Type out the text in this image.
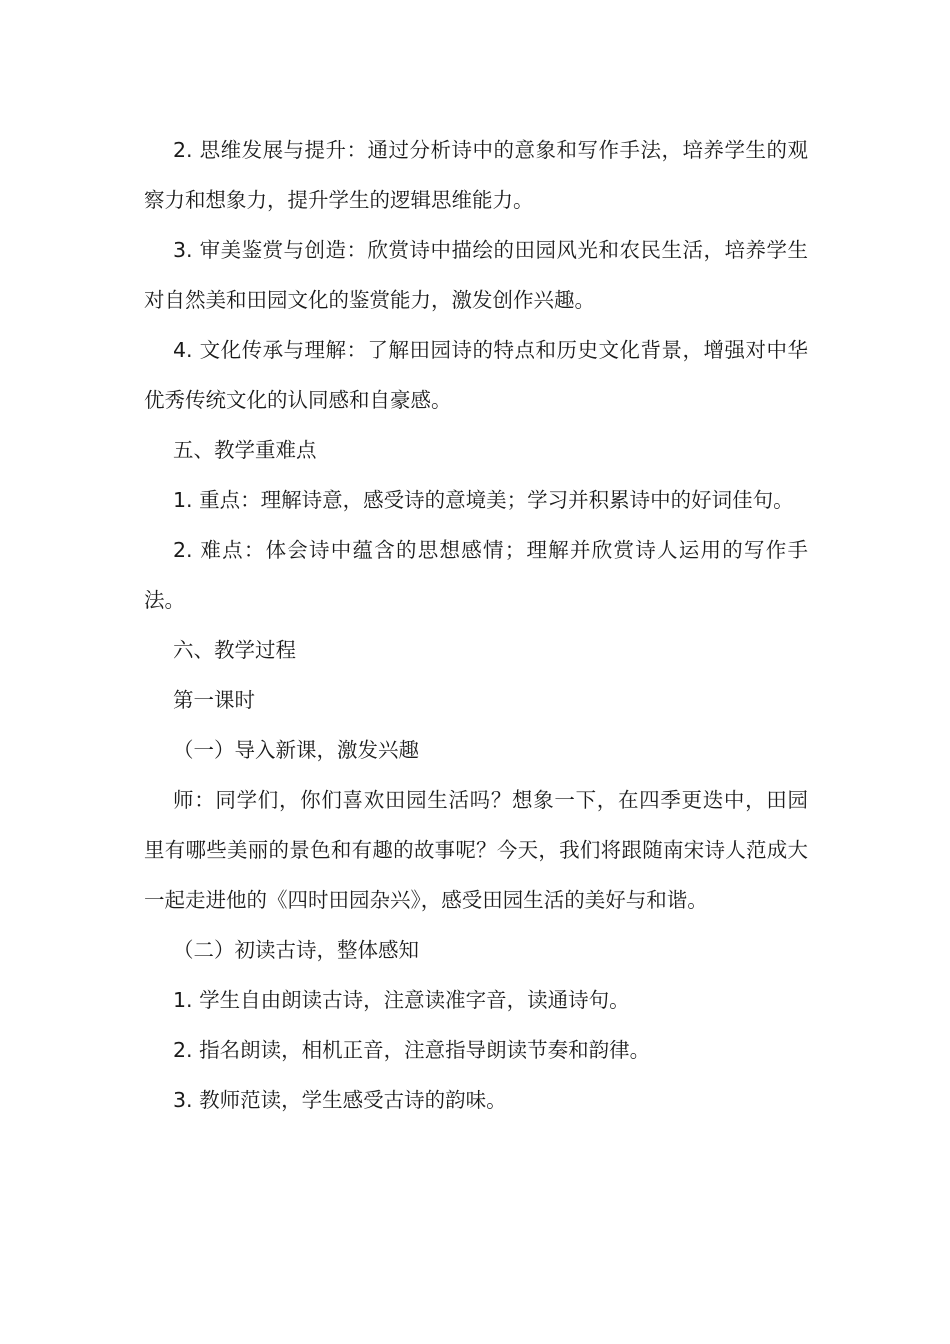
2. 思维发展与提升：通过分析诗中的意象和写作手法，培养学生的观察力和想象力，提升学生的逻辑思维能力。

3. 审美鉴赏与创造：欣赏诗中描绘的田园风光和农民生活，培养学生对自然美和田园文化的鉴赏能力，激发创作兴趣。

4. 文化传承与理解：了解田园诗的特点和历史文化背景，增强对中华优秀传统文化的认同感和自豪感。

五、教学重难点

1. 重点：理解诗意，感受诗的意境美；学习并积累诗中的好词佳句。

2. 难点：体会诗中蕴含的思想感情；理解并欣赏诗人运用的写作手法。

六、教学过程

第一课时

（一）导入新课，激发兴趣

师：同学们，你们喜欢田园生活吗？想象一下，在四季更迭中，田园里有哪些美丽的景色和有趣的故事呢？今天，我们将跟随南宋诗人范成大一起走进他的《四时田园杂兴》，感受田园生活的美好与和谐。

（二）初读古诗，整体感知

1. 学生自由朗读古诗，注意读准字音，读通诗句。

2. 指名朗读，相机正音，注意指导朗读节奏和韵律。

3. 教师范读，学生感受古诗的韵味。
